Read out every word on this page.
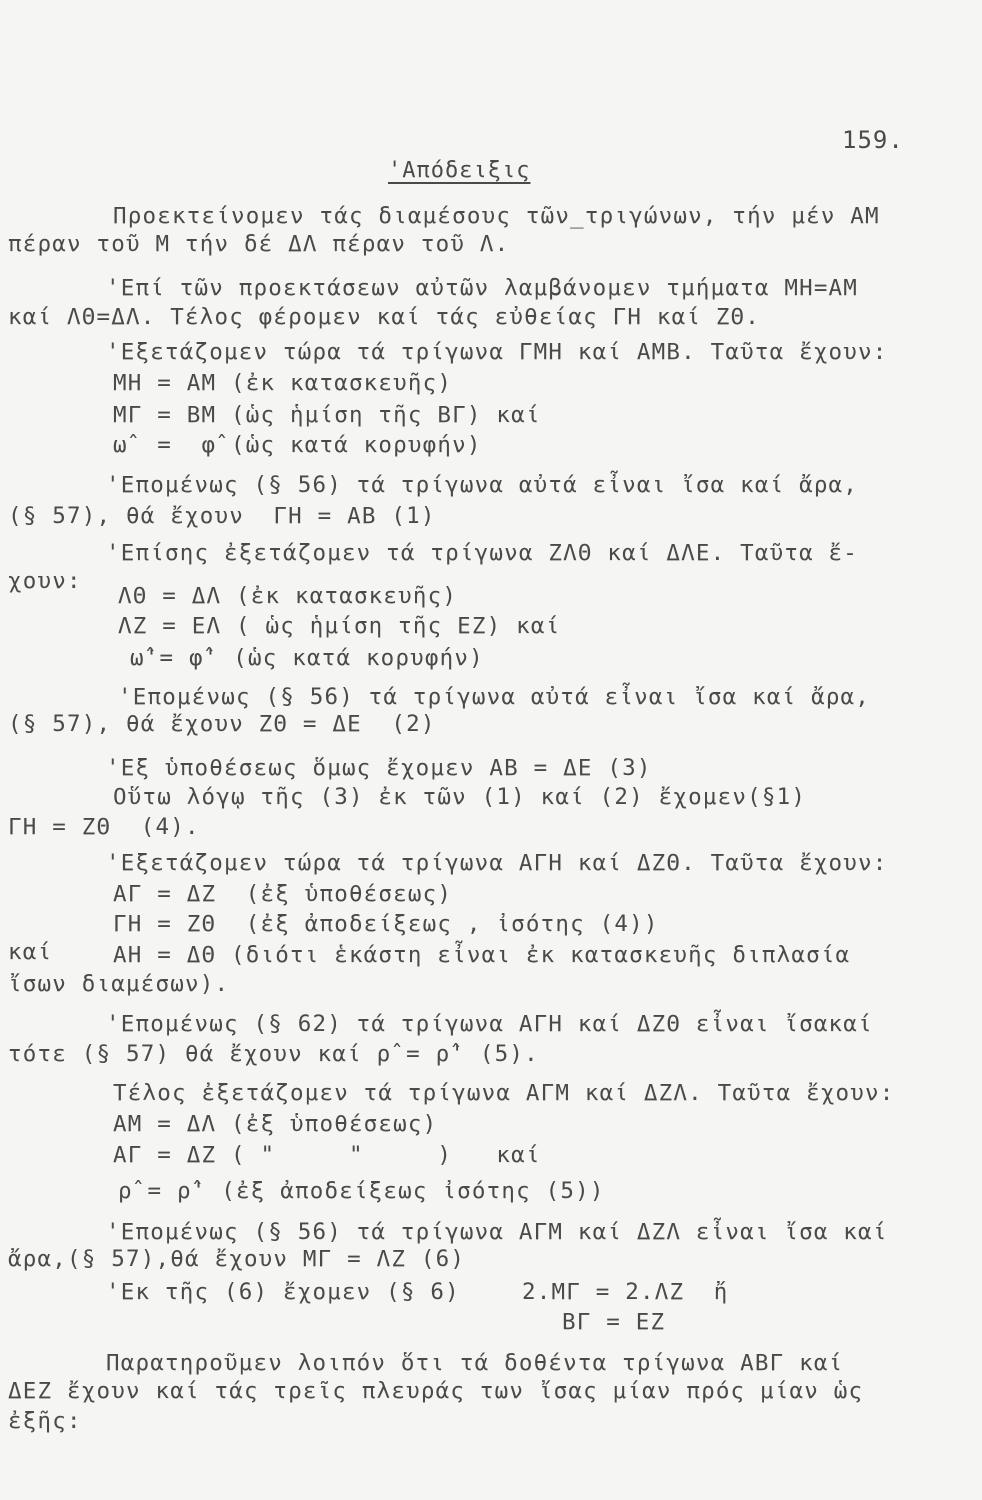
159.
'Απόδειξις
Προεκτείνομεν τάς διαμέσους τῶν_τριγώνων, τήν μέν ΑΜ
πέραν τοῦ Μ τήν δέ ΔΛ πέραν τοῦ Λ.
'Επί τῶν προεκτάσεων αὐτῶν λαμβάνομεν τμήματα ΜΗ=ΑΜ
καί ΛΘ=ΔΛ. Τέλος φέρομεν καί τάς εὐθείας ΓΗ καί ΖΘ.
'Εξετάζομεν τώρα τά τρίγωνα ΓΜΗ καί ΑΜΒ. Ταῦτα ἔχουν:
ΜΗ = ΑΜ (ἐκ κατασκευῆς)
ΜΓ = ΒΜ (ὡς ἡμίση τῆς ΒΓ) καί
ω̂  =  φ̂ (ὡς κατά κορυφήν)
'Επομένως (§ 56) τά τρίγωνα αὐτά εἶναι ἴσα καί ἄρα,
(§ 57), θά ἔχουν  ΓΗ = ΑΒ (1)
'Επίσης ἐξετάζομεν τά τρίγωνα ΖΛΘ καί ΔΛΕ. Ταῦτα ἔ-
χουν:
ΛΘ = ΔΛ (ἐκ κατασκευῆς)
ΛΖ = ΕΛ ( ὡς ἡμίση τῆς ΕΖ) καί
ω̂'= φ̂' (ὡς κατά κορυφήν)
'Επομένως (§ 56) τά τρίγωνα αὐτά εἶναι ἴσα καί ἄρα,
(§ 57), θά ἔχουν ΖΘ = ΔΕ  (2)
'Εξ ὑποθέσεως ὅμως ἔχομεν ΑΒ = ΔΕ (3)
Οὕτω λόγῳ τῆς (3) ἐκ τῶν (1) καί (2) ἔχομεν(§1)
ΓΗ = ΖΘ  (4).
'Εξετάζομεν τώρα τά τρίγωνα ΑΓΗ καί ΔΖΘ. Ταῦτα ἔχουν:
ΑΓ = ΔΖ  (ἐξ ὑποθέσεως)
ΓΗ = ΖΘ  (ἐξ ἀποδείξεως , ἰσότης (4))
καί	ΑΗ = ΔΘ (διότι ἑκάστη εἶναι ἐκ κατασκευῆς διπλασία
ἴσων διαμέσων).
'Επομένως (§ 62) τά τρίγωνα ΑΓΗ καί ΔΖΘ εἶναι ἴσακαί
τότε (§ 57) θά ἔχουν καί ρ̂ = ρ̂' (5).
Τέλος ἐξετάζομεν τά τρίγωνα ΑΓΜ καί ΔΖΛ. Ταῦτα ἔχουν:
ΑΜ = ΔΛ (ἐξ ὑποθέσεως)
ΑΓ = ΔΖ ( "     "     )   καί
ρ̂ = ρ̂' (ἐξ ἀποδείξεως ἰσότης (5))
'Επομένως (§ 56) τά τρίγωνα ΑΓΜ καί ΔΖΛ εἶναι ἴσα καί
ἄρα,(§ 57),θά ἔχουν ΜΓ = ΛΖ (6)
'Εκ τῆς (6) ἔχομεν (§ 6)	2.ΜΓ = 2.ΛΖ  ἤ
ΒΓ = ΕΖ
Παρατηροῦμεν λοιπόν ὅτι τά δοθέντα τρίγωνα ΑΒΓ καί
ΔΕΖ ἔχουν καί τάς τρεῖς πλευράς των ἴσας μίαν πρός μίαν ὡς
ἐξῆς:
